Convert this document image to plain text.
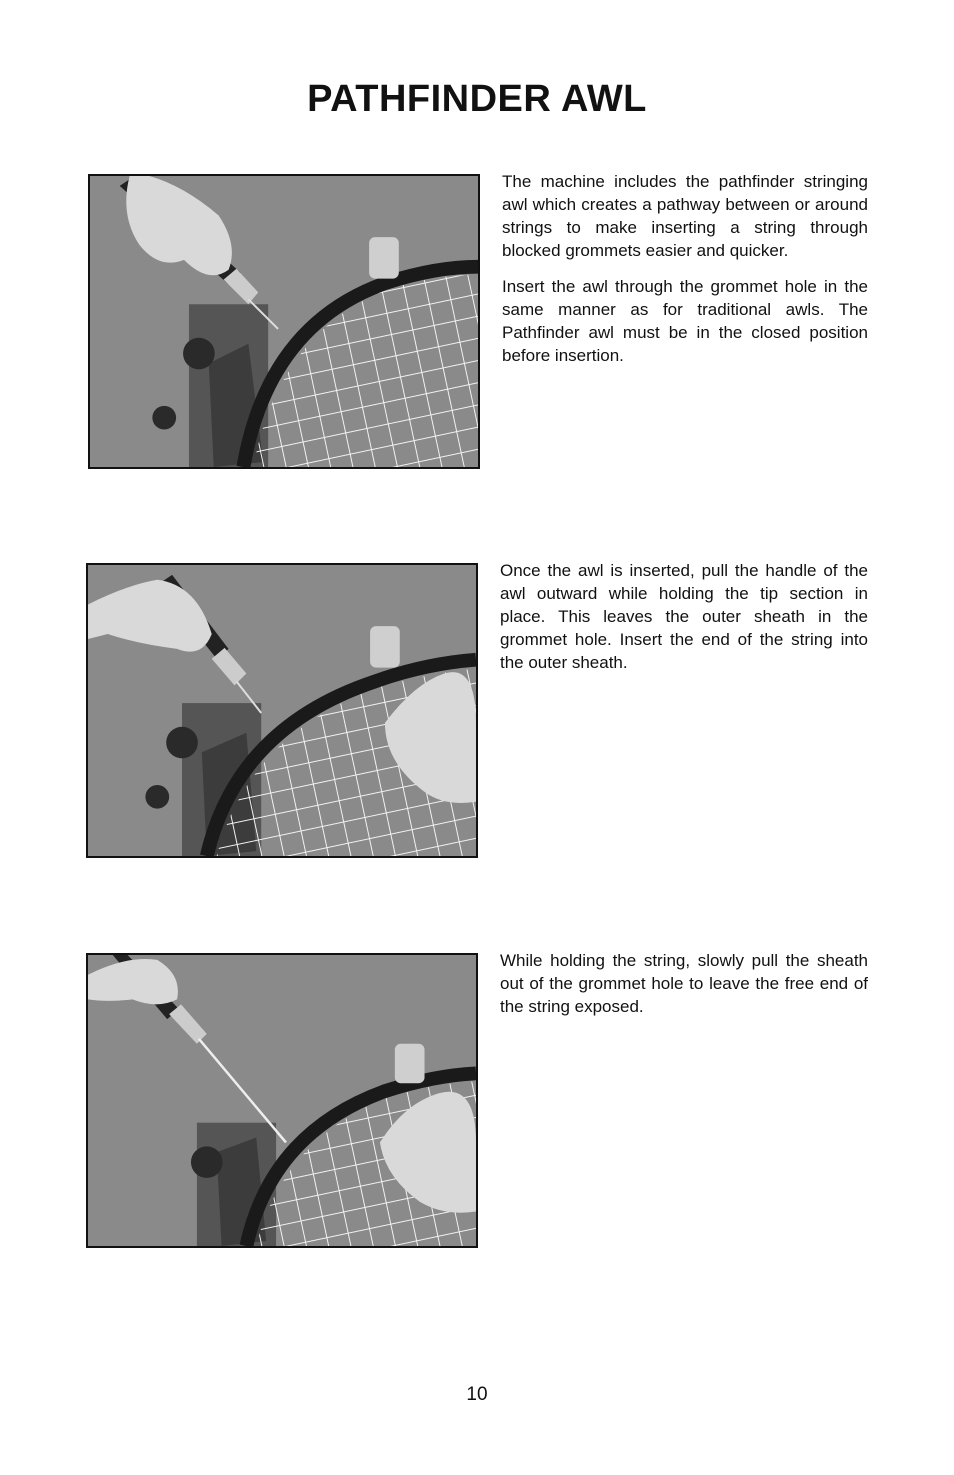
PATHFINDER AWL

The machine includes the pathfinder stringing awl which creates a pathway between or around strings to make inserting a string through blocked grommets easier and quicker.

Insert the awl through the grommet hole in the same manner as for traditional awls. The Pathfinder awl must be in the closed position before insertion.

Once the awl is inserted, pull the handle of the awl outward while holding the tip section in place. This leaves the outer sheath in the grommet hole. Insert the end of the string into the outer sheath.

While holding the string, slowly pull the sheath out of the grommet hole to leave the free end of the string exposed.

10
